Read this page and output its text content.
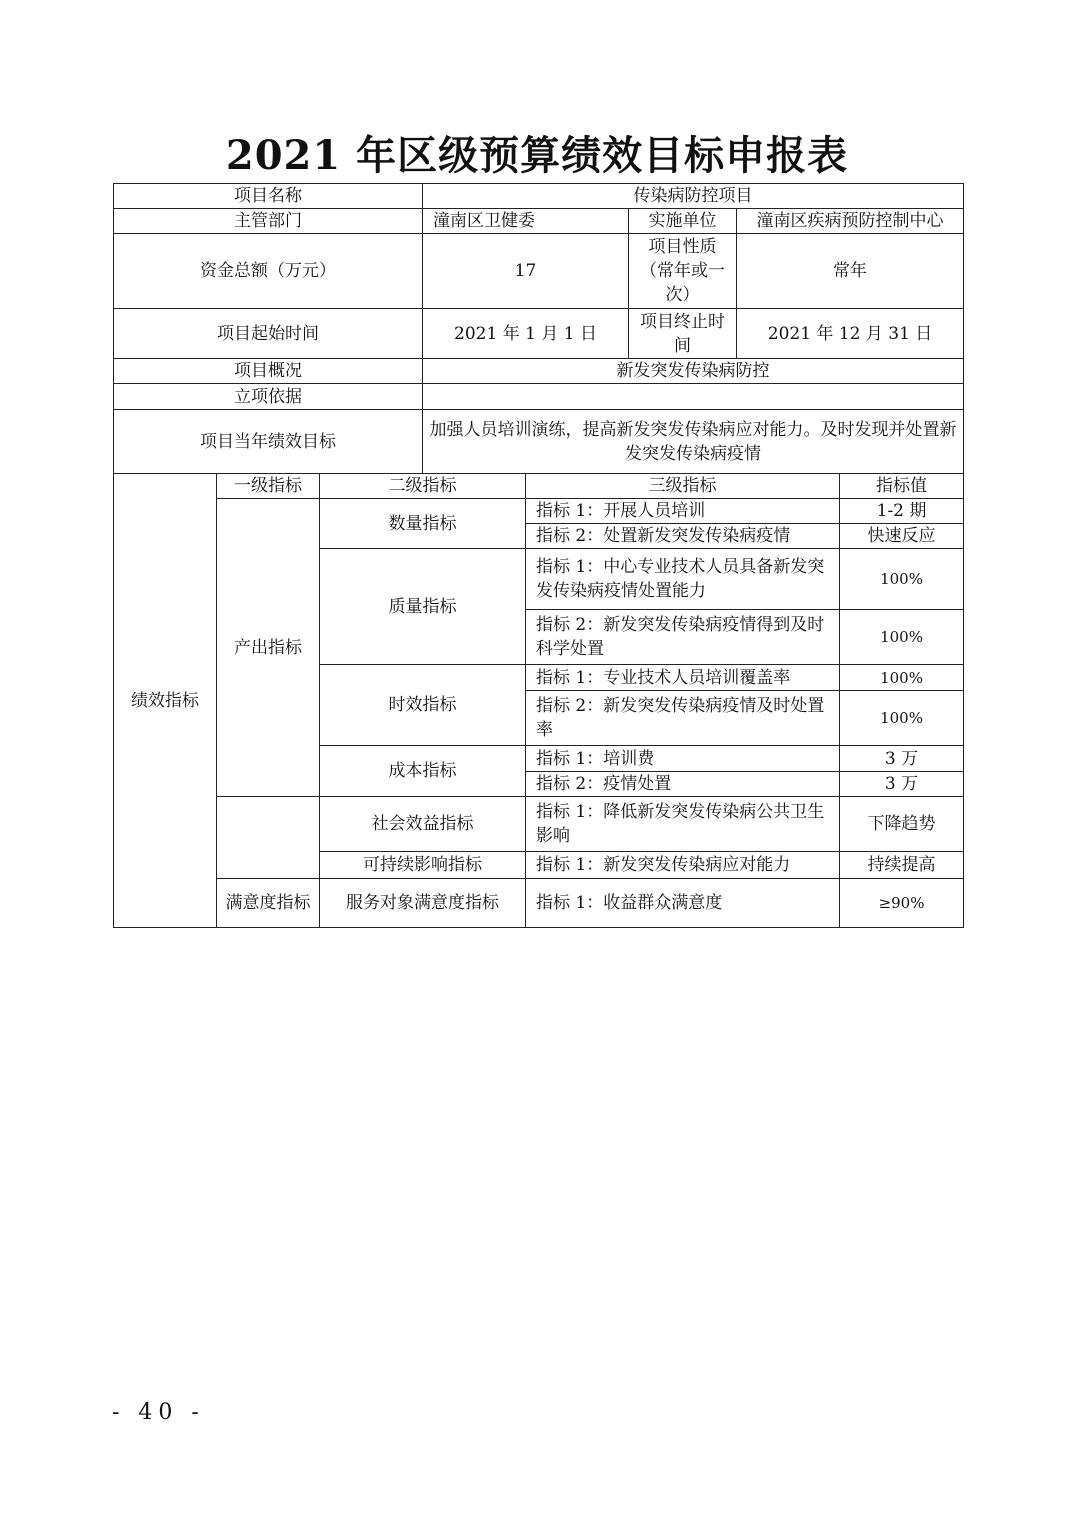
2021 年区级预算绩效目标申报表
项目名称			传染病防控项目				
主管部门			潼南区卫健委		实施单位	潼南区疾病预防控制中心	
资金总额（万元）			17		项目性质（常年或一次）	常年	
项目起始时间			2021 年 1 月 1 日		项目终止时间	2021 年 12 月 31 日	
项目概况			新发突发传染病防控				
立项依据							
项目当年绩效目标			加强人员培训演练，提高新发突发传染病应对能力。及时发现并处置新发突发传染病疫情				
绩效指标	一级指标	二级指标		三级指标			指标值
	产出指标	数量指标		指标 1：开展人员培训			1-2 期
				指标 2：处置新发突发传染病疫情			快速反应
		质量指标		指标 1：中心专业技术人员具备新发突发传染病疫情处置能力			100%
				指标 2：新发突发传染病疫情得到及时科学处置			100%
		时效指标		指标 1：专业技术人员培训覆盖率			100%
				指标 2：新发突发传染病疫情及时处置率			100%
		成本指标		指标 1：培训费			3 万
				指标 2：疫情处置			3 万
		社会效益指标		指标 1：降低新发突发传染病公共卫生影响			下降趋势
		可持续影响指标		指标 1：新发突发传染病应对能力			持续提高
	满意度指标	服务对象满意度指标		指标 1：收益群众满意度			≥90%
- 40 -
